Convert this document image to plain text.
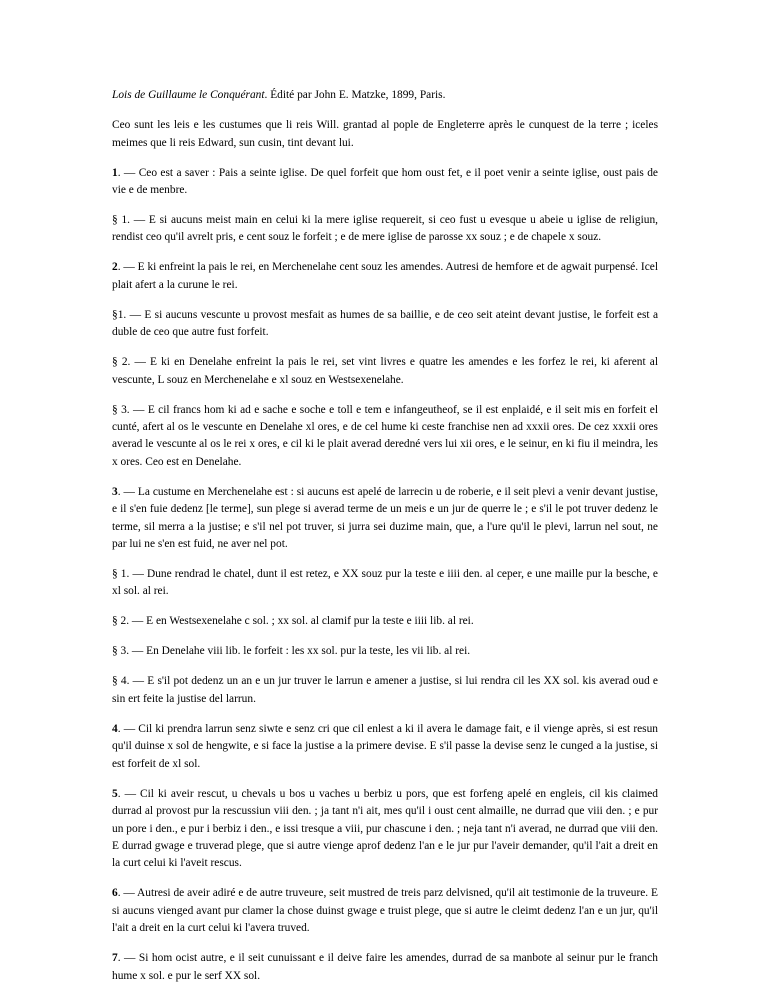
Lois de Guillaume le Conquérant. Édité par John E. Matzke, 1899, Paris.

Ceo sunt les leis e les custumes que li reis Will. grantad al pople de Engleterre après le cunquest de la terre ; iceles meimes que li reis Edward, sun cusin, tint devant lui.

1. — Ceo est a saver : Pais a seinte iglise. De quel forfeit que hom oust fet, e il poet venir a seinte iglise, oust pais de vie e de menbre.

§ 1. — E si aucuns meist main en celui ki la mere iglise requereit, si ceo fust u evesque u abeie u iglise de religiun, rendist ceo qu'il avrelt pris, e cent souz le forfeit ; e de mere iglise de parosse xx souz ; e de chapele x souz.

2. — E ki enfreint la pais le rei, en Merchenelahe cent souz les amendes. Autresi de hemfore et de agwait purpensé. Icel plait afert a la curune le rei.

§1. — E si aucuns vescunte u provost mesfait as humes de sa baillie, e de ceo seit ateint devant justise, le forfeit est a duble de ceo que autre fust forfeit.

§ 2. — E ki en Denelahe enfreint la pais le rei, set vint livres e quatre les amendes e les forfez le rei, ki aferent al vescunte, L souz en Merchenelahe e xl souz en Westsexenelahe.

§ 3. — E cil francs hom ki ad e sache e soche e toll e tem e infangeutheof, se il est enplaidé, e il seit mis en forfeit el cunté, afert al os le vescunte en Denelahe xl ores, e de cel hume ki ceste franchise nen ad xxxii ores. De cez xxxii ores averad le vescunte al os le rei x ores, e cil ki le plait averad deredné vers lui xii ores, e le seinur, en ki fiu il meindra, les x ores. Ceo est en Denelahe.

3. — La custume en Merchenelahe est : si aucuns est apelé de larrecin u de roberie, e il seit plevi a venir devant justise, e il s'en fuie dedenz [le terme], sun plege si averad terme de un meis e un jur de querre le ; e s'il le pot truver dedenz le terme, sil merra a la justise; e s'il nel pot truver, si jurra sei duzime main, que, a l'ure qu'il le plevi, larrun nel sout, ne par lui ne s'en est fuid, ne aver nel pot.

§ 1. — Dune rendrad le chatel, dunt il est retez, e XX souz pur la teste e iiii den. al ceper, e une maille pur la besche, e xl sol. al rei.

§ 2. — E en Westsexenelahe c sol. ; xx sol. al clamif pur la teste e iiii lib. al rei.

§ 3. — En Denelahe viii lib. le forfeit : les xx sol. pur la teste, les vii lib. al rei.

§ 4. — E s'il pot dedenz un an e un jur truver le larrun e amener a justise, si lui rendra cil les XX sol. kis averad oud e sin ert feite la justise del larrun.

4. — Cil ki prendra larrun senz siwte e senz cri que cil enlest a ki il avera le damage fait, e il vienge après, si est resun qu'il duinse x sol de hengwite, e si face la justise a la primere devise. E s'il passe la devise senz le cunged a la justise, si est forfeit de xl sol.

5. — Cil ki aveir rescut, u chevals u bos u vaches u berbiz u pors, que est forfeng apelé en engleis, cil kis claimed durrad al provost pur la rescussiun viii den. ; ja tant n'i ait, mes qu'il i oust cent almaille, ne durrad que viii den. ; e pur un pore i den., e pur i berbiz i den., e issi tresque a viii, pur chascune i den. ; neja tant n'i averad, ne durrad que viii den. E durrad gwage e truverad plege, que si autre vienge aprof dedenz l'an e le jur pur l'aveir demander, qu'il l'ait a dreit en la curt celui ki l'aveit rescus.

6. — Autresi de aveir adiré e de autre truveure, seit mustred de treis parz delvisned, qu'il ait testimonie de la truveure. E si aucuns vienged avant pur clamer la chose duinst gwage e truist plege, que si autre le cleimt dedenz l'an e un jur, qu'il l'ait a dreit en la curt celui ki l'avera truved.

7. — Si hom ocist autre, e il seit cunuissant e il deive faire les amendes, durrad de sa manbote al seinur pur le franch hume x sol. e pur le serf XX sol.
